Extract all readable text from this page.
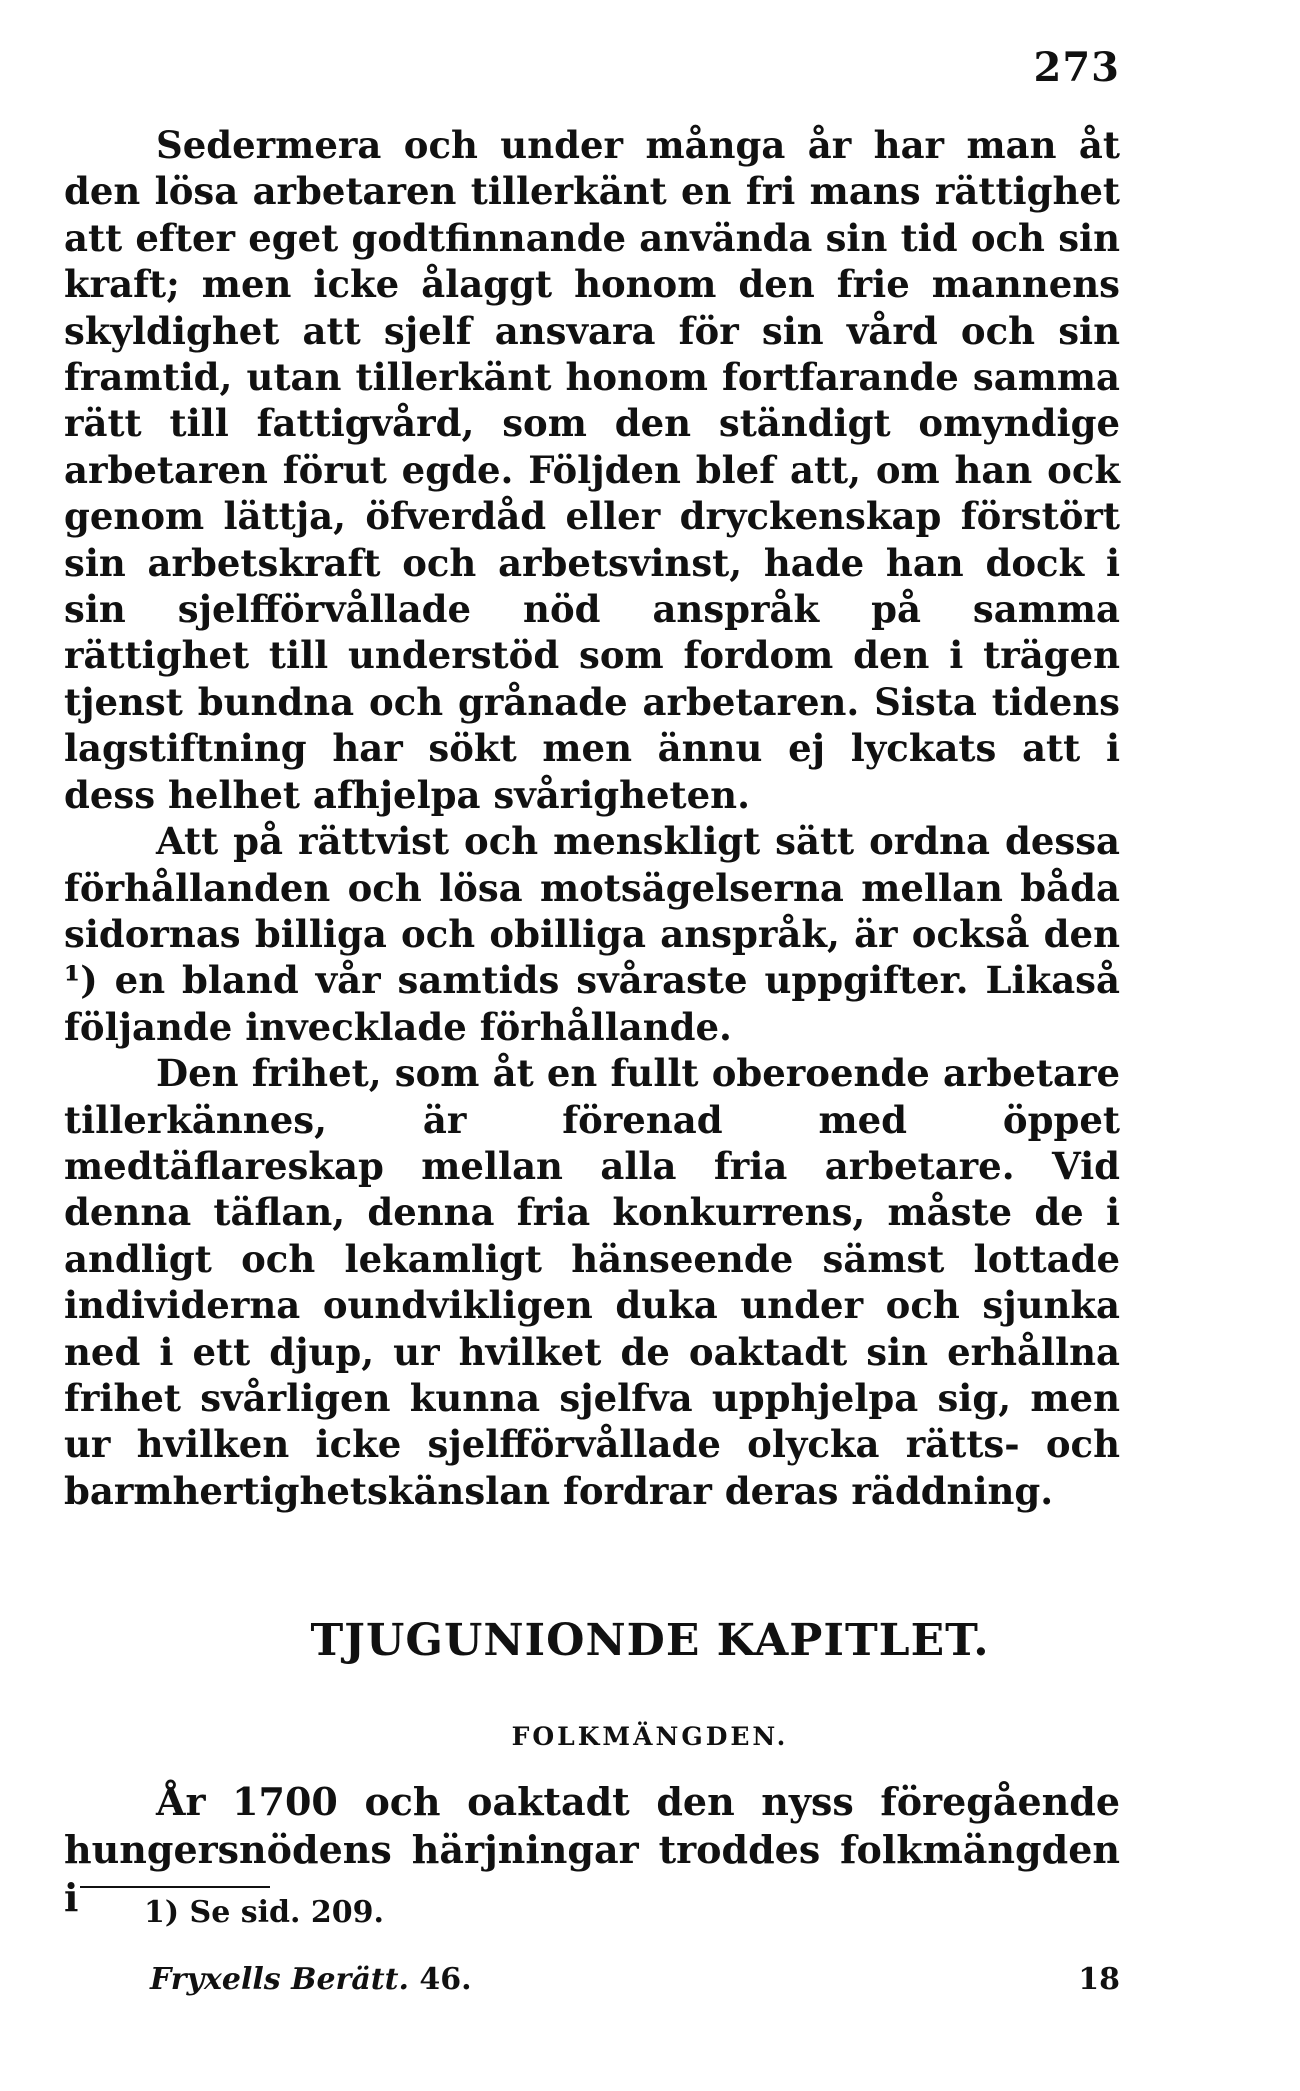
273

Sedermera och under många år har man åt den lösa arbetaren tillerkänt en fri mans rättighet att efter eget godtfinnande använda sin tid och sin kraft; men icke ålaggt honom den frie mannens skyldighet att sjelf ansvara för sin vård och sin framtid, utan tillerkänt honom fortfarande samma rätt till fattigvård, som den ständigt omyndige arbetaren förut egde. Följden blef att, om han ock genom lättja, öfverdåd eller dryckenskap förstört sin arbetskraft och arbetsvinst, hade han dock i sin sjelfförvållade nöd anspråk på samma rättighet till understöd som fordom den i trägen tjenst bundna och grånade arbetaren. Sista tidens lagstiftning har sökt men ännu ej lyckats att i dess helhet afhjelpa svårigheten.

Att på rättvist och menskligt sätt ordna dessa förhållanden och lösa motsägelserna mellan båda sidornas billiga och obilliga anspråk, är också den ¹) en bland vår samtids svåraste uppgifter. Likaså följande invecklade förhållande.

Den frihet, som åt en fullt oberoende arbetare tillerkännes, är förenad med öppet medtäflareskap mellan alla fria arbetare. Vid denna täflan, denna fria konkurrens, måste de i andligt och lekamligt hänseende sämst lottade individerna oundvikligen duka under och sjunka ned i ett djup, ur hvilket de oaktadt sin erhållna frihet svårligen kunna sjelfva upphjelpa sig, men ur hvilken icke sjelfförvållade olycka rätts- och barmhertighetskänslan fordrar deras räddning.

TJUGUNIONDE KAPITLET.
FOLKMÄNGDEN.

År 1700 och oaktadt den nyss föregående hungersnödens härjningar troddes folkmängden i	1) Se sid. 209.
Fryxells Berätt. 46.	18
